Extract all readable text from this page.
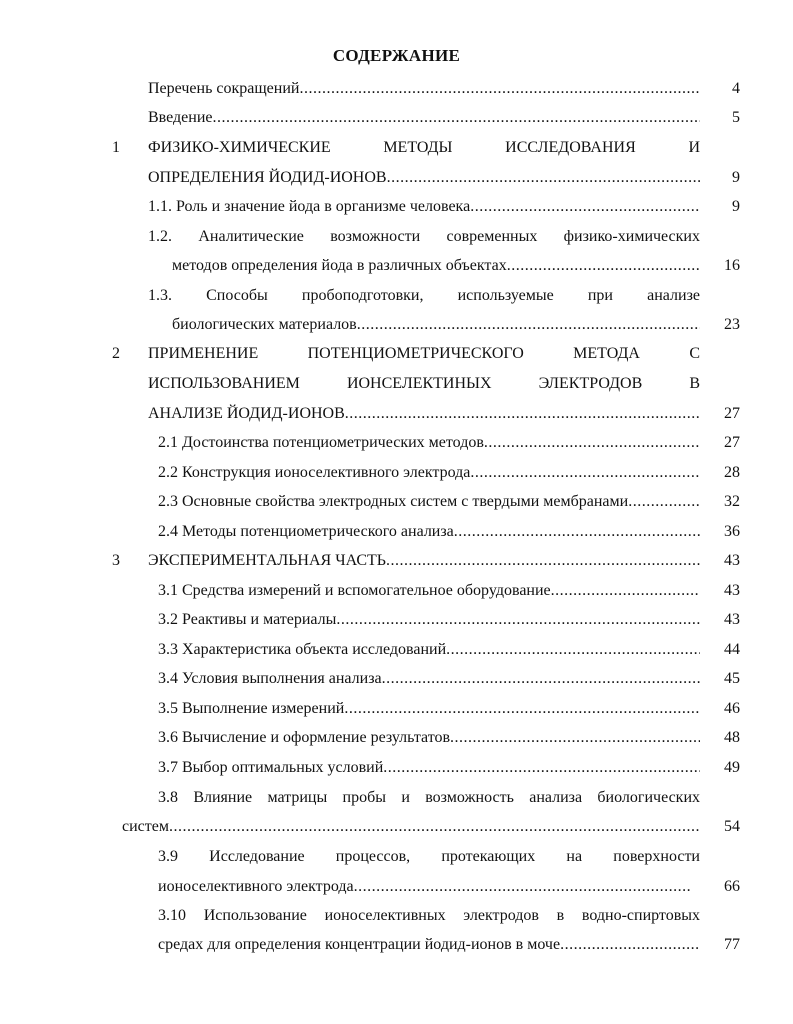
СОДЕРЖАНИЕ
Перечень сокращений .....	4
Введение .....	5
1	ФИЗИКО-ХИМИЧЕСКИЕ МЕТОДЫ ИССЛЕДОВАНИЯ И
ОПРЕДЕЛЕНИЯ ЙОДИД-ИОНОВ .....	9
1.1. Роль и значение йода в организме человека .....	9
1.2. Аналитические возможности современных физико-химических
методов определения йода в различных объектах .....	16
1.3. Способы пробоподготовки, используемые при анализе
биологических материалов .....	23
2	ПРИМЕНЕНИЕ ПОТЕНЦИОМЕТРИЧЕСКОГО МЕТОДА С
ИСПОЛЬЗОВАНИЕМ ИОНСЕЛЕКТИНЫХ ЭЛЕКТРОДОВ В
АНАЛИЗЕ ЙОДИД-ИОНОВ .....	27
2.1 Достоинства потенциометрических методов .....	27
2.2 Конструкция ионоселективного электрода .....	28
2.3 Основные свойства электродных систем с твердыми мембранами .....	32
2.4 Методы потенциометрического анализа .....	36
3	ЭКСПЕРИМЕНТАЛЬНАЯ ЧАСТЬ .....	43
3.1 Средства измерений и вспомогательное оборудование .....	43
3.2 Реактивы и материалы .....	43
3.3 Характеристика объекта исследований .....	44
3.4 Условия выполнения анализа .....	45
3.5 Выполнение измерений .....	46
3.6 Вычисление и оформление результатов .....	48
3.7 Выбор оптимальных условий .....	49
3.8 Влияние матрицы пробы и возможность анализа биологических
систем .....	54
3.9 Исследование процессов, протекающих на поверхности
ионоселективного электрода .....	66
3.10 Использование ионоселективных электродов в водно-спиртовых
средах для определения концентрации йодид-ионов в моче .....	77
